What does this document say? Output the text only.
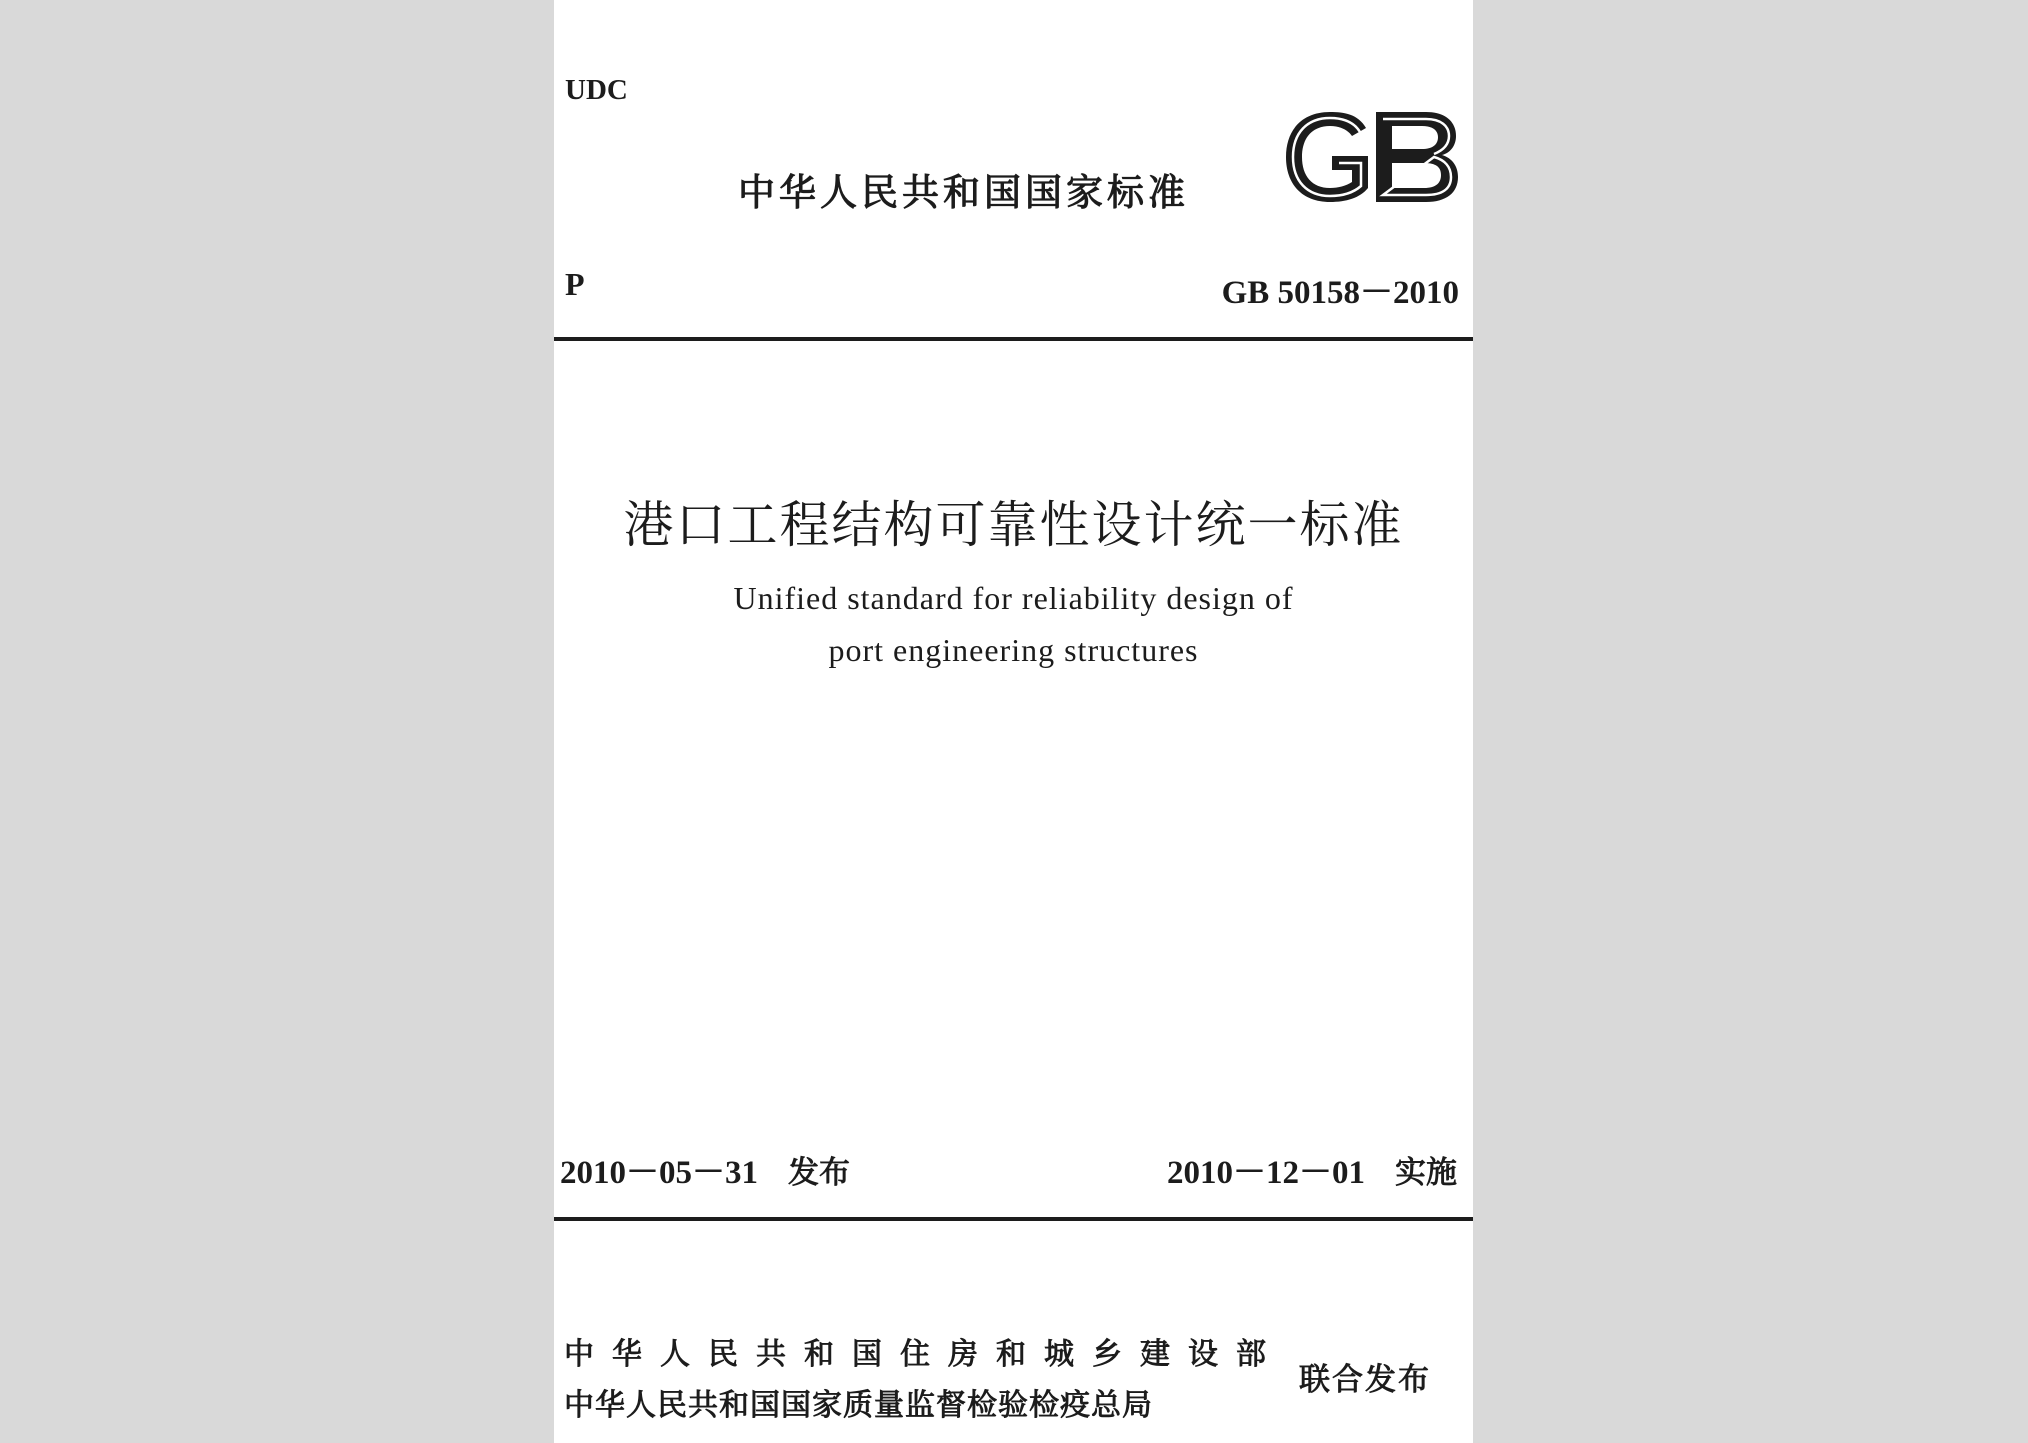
UDC

中华人民共和国国家标准

P	GB 50158－2010

港口工程结构可靠性设计统一标准

Unified standard for reliability design of

port engineering structures

2010－05－31 发布	2010－12－01 实施

中华人民共和国住房和城乡建设部

中华人民共和国国家质量监督检验检疫总局

联合发布
